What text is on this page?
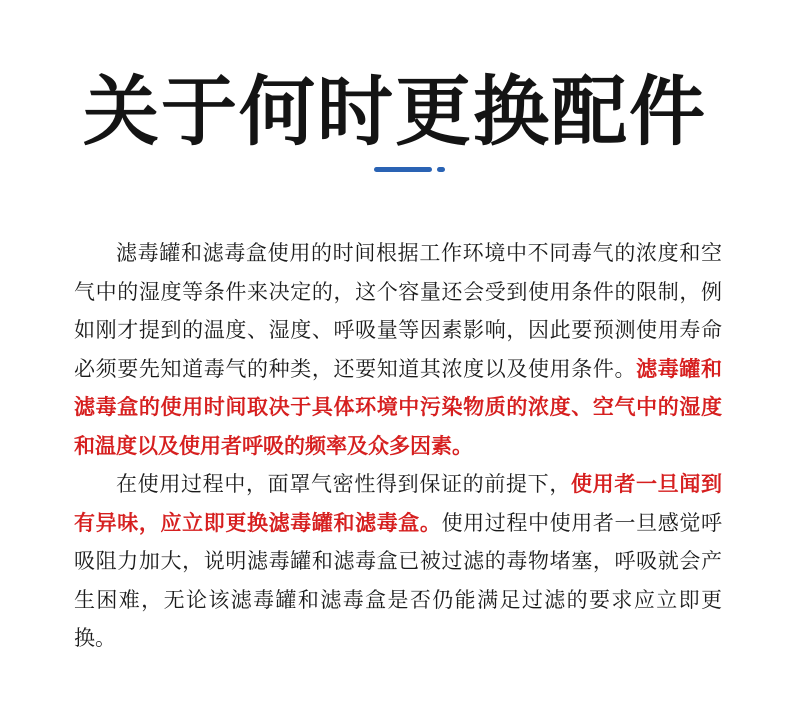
关于何时更换配件

滤毒罐和滤毒盒使用的时间根据工作环境中不同毒气的浓度和空气中的湿度等条件来决定的，这个容量还会受到使用条件的限制，例如刚才提到的温度、湿度、呼吸量等因素影响，因此要预测使用寿命必须要先知道毒气的种类，还要知道其浓度以及使用条件。滤毒罐和滤毒盒的使用时间取决于具体环境中污染物质的浓度、空气中的湿度和温度以及使用者呼吸的频率及众多因素。

在使用过程中，面罩气密性得到保证的前提下，使用者一旦闻到有异味，应立即更换滤毒罐和滤毒盒。使用过程中使用者一旦感觉呼吸阻力加大，说明滤毒罐和滤毒盒已被过滤的毒物堵塞，呼吸就会产生困难，无论该滤毒罐和滤毒盒是否仍能满足过滤的要求应立即更换。
